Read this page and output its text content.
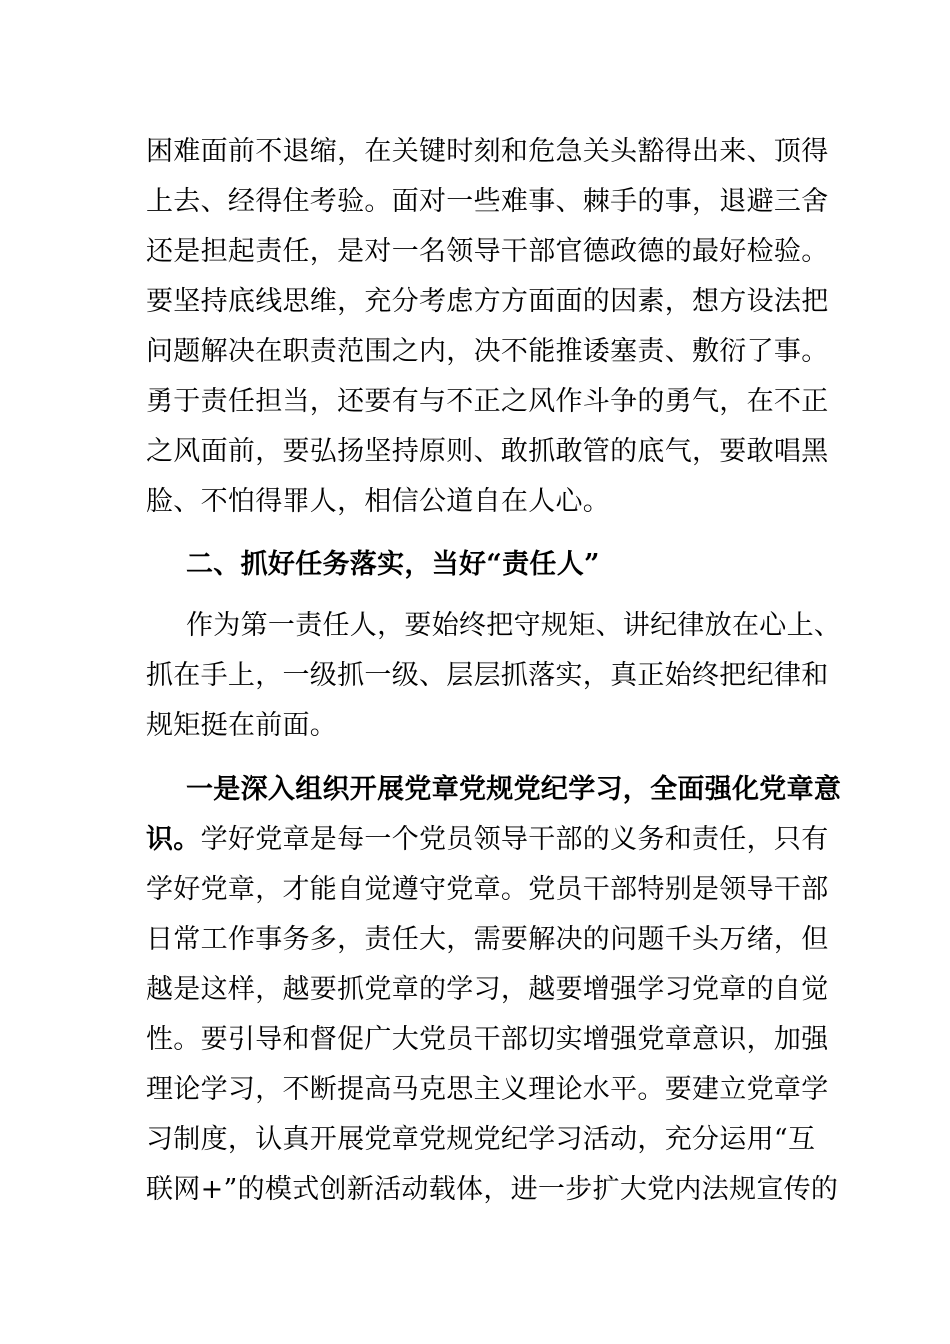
困难面前不退缩，在关键时刻和危急关头豁得出来、顶得
上去、经得住考验。面对一些难事、棘手的事，退避三舍
还是担起责任，是对一名领导干部官德政德的最好检验。
要坚持底线思维，充分考虑方方面面的因素，想方设法把
问题解决在职责范围之内，决不能推诿塞责、敷衍了事。
勇于责任担当，还要有与不正之风作斗争的勇气，在不正
之风面前，要弘扬坚持原则、敢抓敢管的底气，要敢唱黑
脸、不怕得罪人，相信公道自在人心。
二、抓好任务落实，当好“责任人”
作为第一责任人，要始终把守规矩、讲纪律放在心上、
抓在手上，一级抓一级、层层抓落实，真正始终把纪律和
规矩挺在前面。
一是深入组织开展党章党规党纪学习，全面强化党章意
识。学好党章是每一个党员领导干部的义务和责任，只有
学好党章，才能自觉遵守党章。党员干部特别是领导干部
日常工作事务多，责任大，需要解决的问题千头万绪，但
越是这样，越要抓党章的学习，越要增强学习党章的自觉
性。要引导和督促广大党员干部切实增强党章意识，加强
理论学习，不断提高马克思主义理论水平。要建立党章学
习制度，认真开展党章党规党纪学习活动，充分运用“互
联网+”的模式创新活动载体，进一步扩大党内法规宣传的
